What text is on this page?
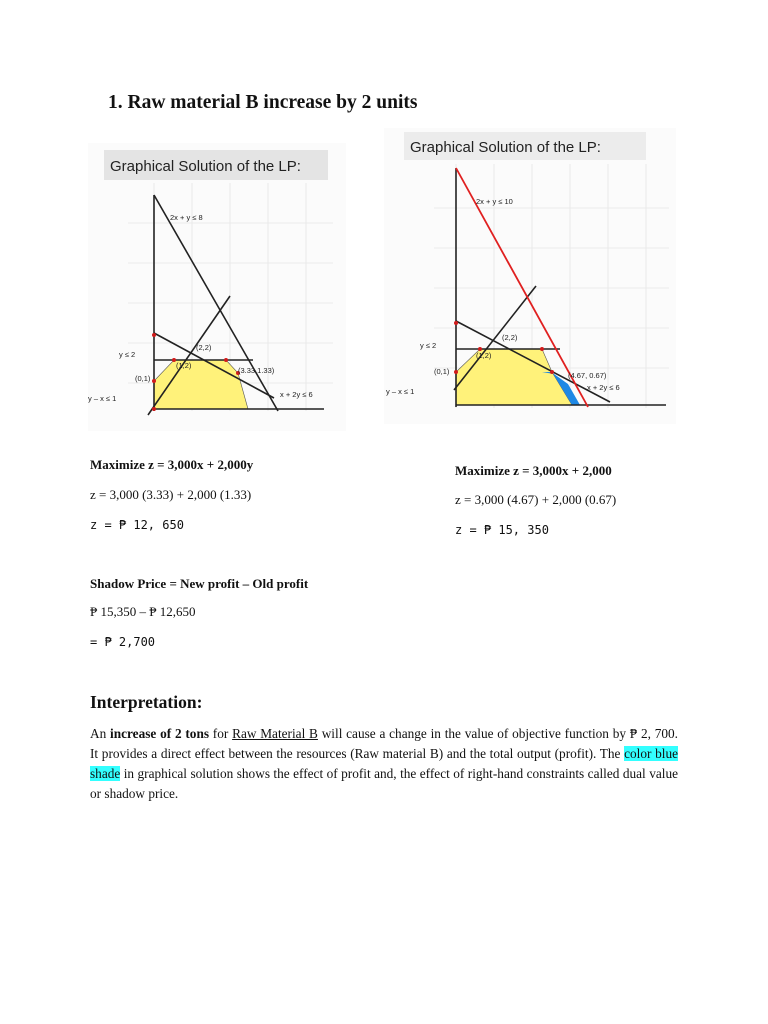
1. Raw material B increase by 2 units
Graphical Solution of the LP:
2x + y ≤ 8
y ≤ 2
y – x ≤ 1	x + 2y ≤ 6
(0,1)
(1,2)
(2,2)
(3.33,1.33)
Graphical Solution of the LP:
2x + y ≤ 10
y ≤ 2
y – x ≤ 1	x + 2y ≤ 6
(0,1)
(1,2)
(2,2)
(4.67, 0.67)
Maximize z = 3,000x + 2,000y
z = 3,000 (3.33) + 2,000 (1.33)
z = ₱ 12, 650
Maximize z = 3,000x + 2,000
z = 3,000 (4.67) + 2,000 (0.67)
z = ₱ 15, 350
Shadow Price = New profit – Old profit
₱ 15,350 – ₱ 12,650
= ₱ 2,700
Interpretation:
An increase of 2 tons for Raw Material B will cause a change in the value of objective function by ₱ 2, 700. It provides a direct effect between the resources (Raw material B) and the total output (profit). The color blue shade in graphical solution shows the effect of profit and, the effect of right-hand constraints called dual value or shadow price.
